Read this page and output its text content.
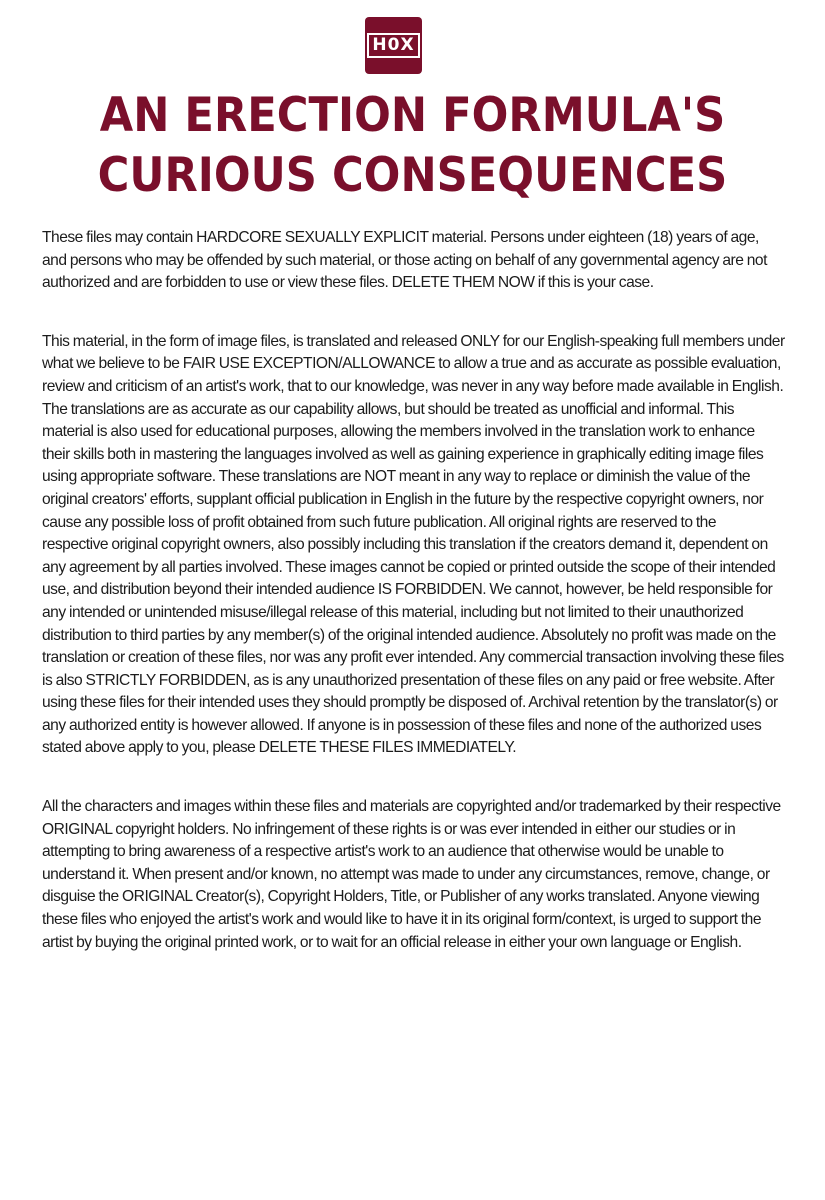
H0X
AN ERECTION FORMULA'S
CURIOUS CONSEQUENCES

These files may contain HARDCORE SEXUALLY EXPLICIT material. Persons under eighteen (18) years of age, and persons who may be offended by such material, or those acting on behalf of any governmental agency are not authorized and are forbidden to use or view these files. DELETE THEM NOW if this is your case.

This material, in the form of image files, is translated and released ONLY for our English-speaking full members under what we believe to be FAIR USE EXCEPTION/ALLOWANCE to allow a true and as accurate as possible evaluation, review and criticism of an artist's work, that to our knowledge, was never in any way before made available in English. The translations are as accurate as our capability allows, but should be treated as unofficial and informal. This material is also used for educational purposes, allowing the members involved in the translation work to enhance their skills both in mastering the languages involved as well as gaining experience in graphically editing image files using appropriate software. These translations are NOT meant in any way to replace or diminish the value of the original creators' efforts, supplant official publication in English in the future by the respective copyright owners, nor cause any possible loss of profit obtained from such future publication. All original rights are reserved to the respective original copyright owners, also possibly including this translation if the creators demand it, dependent on any agreement by all parties involved. These images cannot be copied or printed outside the scope of their intended use, and distribution beyond their intended audience IS FORBIDDEN. We cannot, however, be held responsible for any intended or unintended misuse/illegal release of this material, including but not limited to their unauthorized distribution to third parties by any member(s) of the original intended audience. Absolutely no profit was made on the translation or creation of these files, nor was any profit ever intended. Any commercial transaction involving these files is also STRICTLY FORBIDDEN, as is any unauthorized presentation of these files on any paid or free website. After using these files for their intended uses they should promptly be disposed of. Archival retention by the translator(s) or any authorized entity is however allowed. If anyone is in possession of these files and none of the authorized uses stated above apply to you, please DELETE THESE FILES IMMEDIATELY.

All the characters and images within these files and materials are copyrighted and/or trademarked by their respective ORIGINAL copyright holders. No infringement of these rights is or was ever intended in either our studies or in attempting to bring awareness of a respective artist's work to an audience that otherwise would be unable to understand it. When present and/or known, no attempt was made to under any circumstances, remove, change, or disguise the ORIGINAL Creator(s), Copyright Holders, Title, or Publisher of any works translated. Anyone viewing these files who enjoyed the artist's work and would like to have it in its original form/context, is urged to support the artist by buying the original printed work, or to wait for an official release in either your own language or English.
